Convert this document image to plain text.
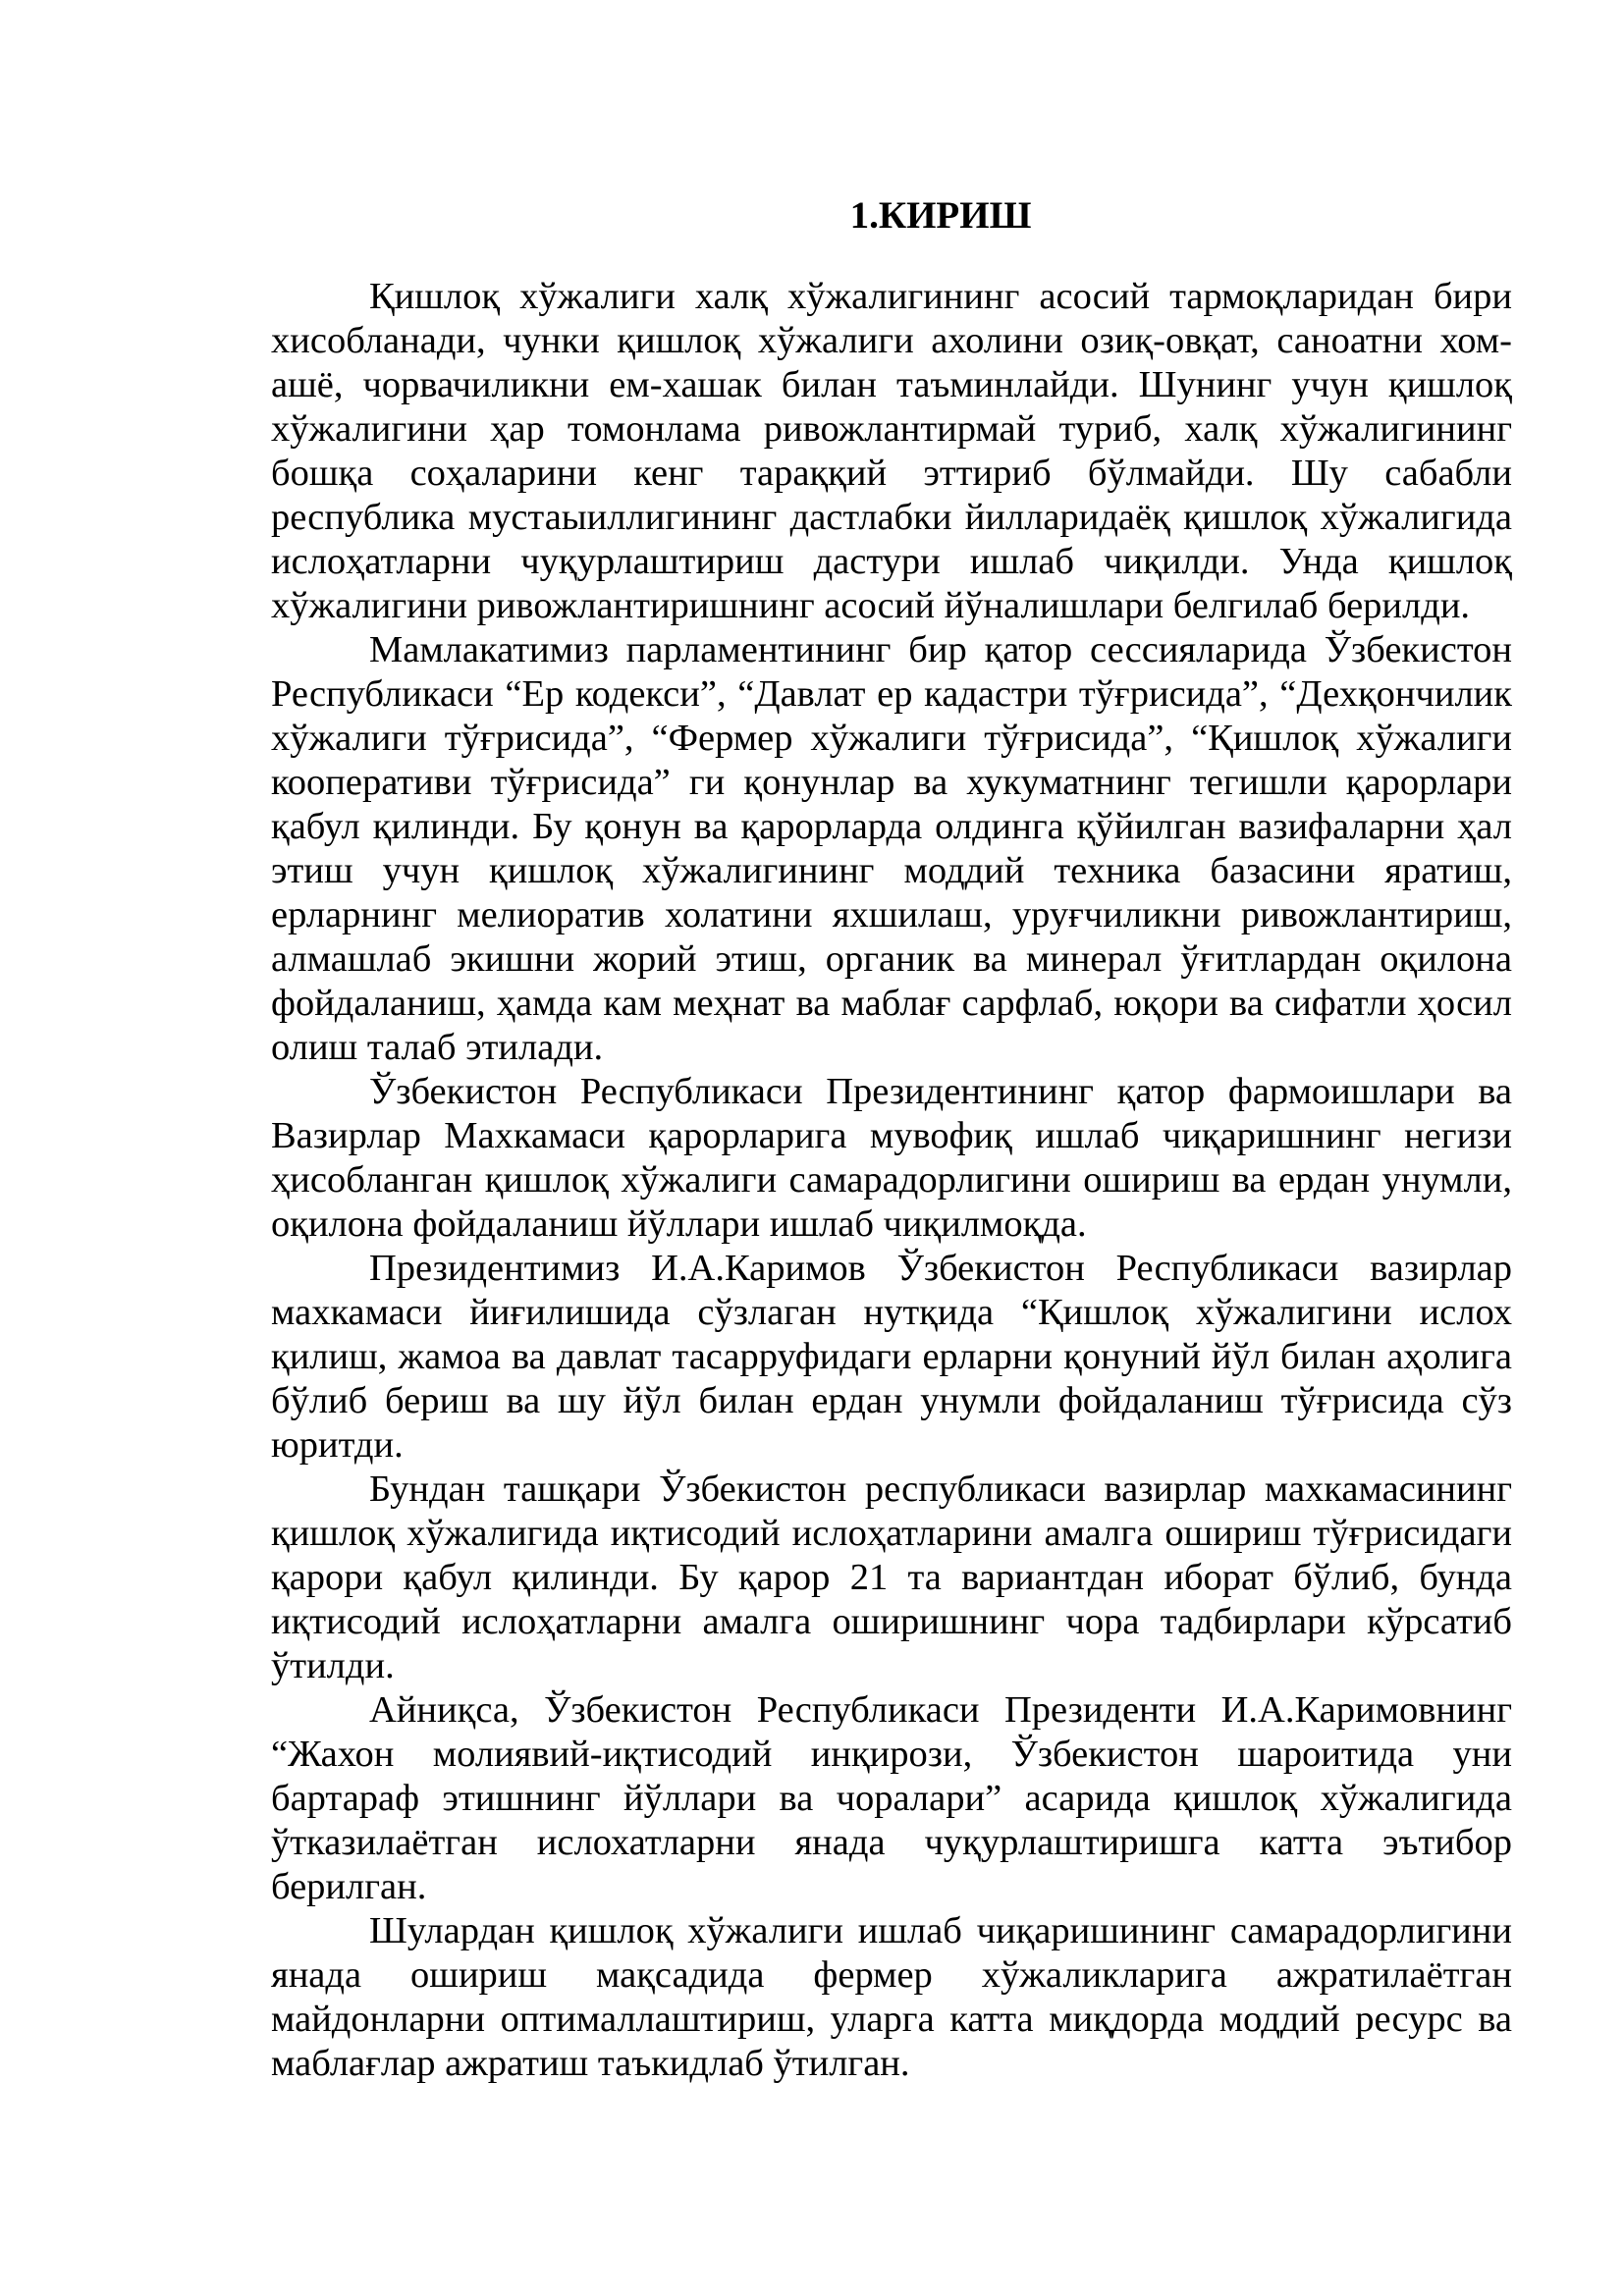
1.КИРИШ

Қишлоқ хўжалиги халқ хўжалигининг асосий тармоқларидан бири хисобланади, чунки қишлоқ хўжалиги ахолини озиқ-овқат, саноатни хом-ашё, чорвачиликни ем-хашак билан таъминлайди. Шунинг учун қишлоқ хўжалигини ҳар томонлама ривожлантирмай туриб, халқ хўжалигининг бошқа соҳаларини кенг тараққий эттириб бўлмайди. Шу сабабли республика мустаыиллигининг дастлабки йилларидаёқ қишлоқ хўжалигида ислоҳатларни чуқурлаштириш дастури ишлаб чиқилди. Унда қишлоқ хўжалигини ривожлантиришнинг асосий йўналишлари белгилаб берилди.

Мамлакатимиз парламентининг бир қатор сессияларида Ўзбекистон Республикаси “Ер кодекси”, “Давлат ер кадастри тўғрисида”, “Дехқончилик хўжалиги тўғрисида”, “Фермер хўжалиги тўғрисида”, “Қишлоқ хўжалиги кооперативи тўғрисида” ги қонунлар ва хукуматнинг тегишли қарорлари қабул қилинди. Бу қонун ва қарорларда олдинга қўйилган вазифаларни ҳал этиш учун қишлоқ хўжалигининг моддий техника базасини яратиш, ерларнинг мелиоратив холатини яхшилаш, уруғчиликни ривожлантириш, алмашлаб экишни жорий этиш, органик ва минерал ўғитлардан оқилона фойдаланиш, ҳамда кам меҳнат ва маблағ сарфлаб, юқори ва сифатли ҳосил олиш талаб этилади.

Ўзбекистон Республикаси Президентининг қатор фармоишлари ва Вазирлар Махкамаси қарорларига мувофиқ ишлаб чиқаришнинг негизи ҳисобланган қишлоқ хўжалиги самарадорлигини ошириш ва ердан унумли, оқилона фойдаланиш йўллари ишлаб чиқилмоқда.

Президентимиз И.А.Каримов Ўзбекистон Республикаси вазирлар махкамаси йиғилишида сўзлаган нутқида “Қишлоқ хўжалигини ислох қилиш, жамоа ва давлат тасарруфидаги ерларни қонуний йўл билан аҳолига бўлиб бериш ва шу йўл билан ердан унумли фойдаланиш тўғрисида сўз юритди.

Бундан ташқари Ўзбекистон республикаси вазирлар махкамасининг қишлоқ хўжалигида иқтисодий ислоҳатларини амалга ошириш тўғрисидаги қарори қабул қилинди. Бу қарор 21 та вариантдан иборат бўлиб, бунда иқтисодий ислоҳатларни амалга оширишнинг чора тадбирлари кўрсатиб ўтилди.

Айниқса, Ўзбекистон Республикаси Президенти И.А.Каримовнинг “Жахон молиявий-иқтисодий инқирози, Ўзбекистон шароитида уни бартараф этишнинг йўллари ва чоралари” асарида қишлоқ хўжалигида ўтказилаётган ислохатларни янада чуқурлаштиришга катта эътибор берилган.

Шулардан қишлоқ хўжалиги ишлаб чиқаришининг самарадорлигини янада ошириш мақсадида фермер хўжаликларига ажратилаётган майдонларни оптималлаштириш, уларга катта миқдорда моддий ресурс ва маблағлар ажратиш таъкидлаб ўтилган.
